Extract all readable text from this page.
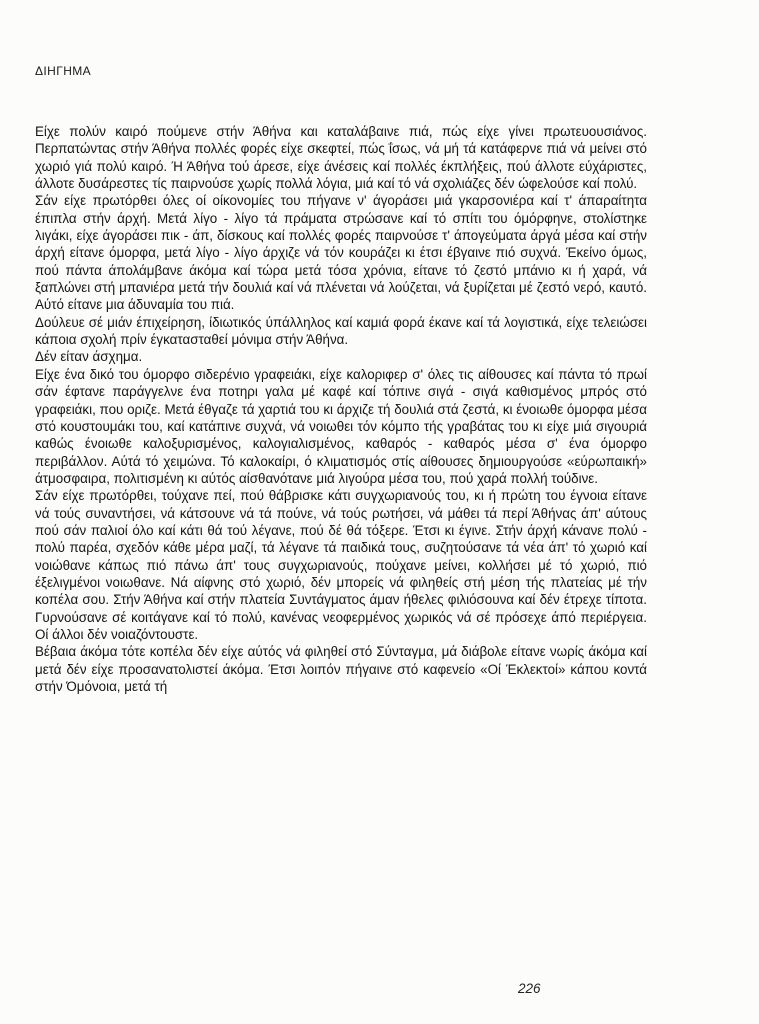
ΔΙΗΓΗΜΑ

Είχε πολύν καιρό πούμενε στήν Άθήνα και καταλάβαινε πιά, πώς είχε γίνει πρωτευουσιάνος. Περπατώντας στήν Άθήνα πολλές φορές είχε σκεφτεί, πώς ΐσως, νά μή τά κατάφερνε πιά νά μείνει στό χωριό γιά πολύ καιρό. Ή Άθήνα τού άρεσε, είχε άνέσεις καί πολλές έκπλήξεις, πού άλλοτε εύχάριστες, άλλοτε δυσάρεστες τίς παιρνούσε χωρίς πολλά λόγια, μιά καί τό νά σχολιάζες δέν ώφελούσε καί πολύ.

Σάν είχε πρωτόρθει όλες οί οίκονομίες του πήγανε ν' άγοράσει μιά γκαρσονιέρα καί τ' άπαραίτητα έπιπλα στήν άρχή. Μετά λίγο - λίγο τά πράματα στρώσανε καί τό σπίτι του όμόρφηνε, στολίστηκε λιγάκι, είχε άγοράσει πικ - άπ, δίσκους καί πολλές φορές παιρνούσε τ' άπογεύματα άργά μέσα καί στήν άρχή είτανε όμορφα, μετά λίγο - λίγο άρχιζε νά τόν κουράζει κι έτσι έβγαινε πιό συχνά. Έκείνο όμως, πού πάντα άπολάμβανε άκόμα καί τώρα μετά τόσα χρόνια, είτανε τό ζεστό μπάνιο κι ή χαρά, νά ξαπλώνει στή μπανιέρα μετά τήν δουλιά καί νά πλένεται νά λούζεται, νά ξυρίζεται μέ ζεστό νερό, καυτό. Αύτό είτανε μια άδυναμία του πιά.

Δούλευε σέ μιάν έπιχείρηση, ίδιωτικός ύπάλληλος καί καμιά φορά έκανε καί τά λογιστικά, είχε τελειώσει κάποια σχολή πρίν έγκατασταθεί μόνιμα στήν Άθήνα.

Δέν είταν άσχημα.

Είχε ένα δικό του όμορφο σιδερένιο γραφειάκι, είχε καλοριφερ σ' όλες τις αίθουσες καί πάντα τό πρωί σάν έφτανε παράγγελνε ένα ποτηρι γαλα μέ καφέ καί τόπινε σιγά - σιγά καθισμένος μπρός στό γραφειάκι, που οριζε. Μετά έθγαζε τά χαρτιά του κι άρχιζε τή δουλιά στά ζεστά, κι ένοιωθε όμορφα μέσα στό κουστουμάκι του, καί κατάπινε συχνά, νά νοιωθει τόν κόμπο τής γραβάτας του κι είχε μιά σιγουριά καθώς ένοιωθε καλοξυρισμένος, καλογιαλισμένος, καθαρός - καθαρός μέσα σ' ένα όμορφο περιβάλλον. Αύτά τό χειμώνα. Τό καλοκαίρι, ό κλιματισμός στίς αίθουσες δημιουργούσε «εύρωπαική» άτμοσφαιρα, πολιτισμένη κι αύτός αίσθανότανε μιά λιγούρα μέσα του, πού χαρά πολλή τούδινε.

Σάν είχε πρωτόρθει, τούχανε πεί, πού θάβρισκε κάτι συγχωριανούς του, κι ή πρώτη του έγνοια είτανε νά τούς συναντήσει, νά κάτσουνε νά τά πούνε, νά τούς ρωτήσει, νά μάθει τά περί Άθήνας άπ' αύτους πού σάν παλιοί όλο καί κάτι θά τού λέγανε, πού δέ θά τόξερε. Έτσι κι έγινε. Στήν άρχή κάνανε πολύ - πολύ παρέα, σχεδόν κάθε μέρα μαζί, τά λέγανε τά παιδικά τους, συζητούσανε τά νέα άπ' τό χωριό καί νοιώθανε κάπως πιό πάνω άπ' τους συγχωριανούς, πούχανε μείνει, κολλήσει μέ τό χωριό, πιό έξελιγμένοι νοιωθανε. Νά αίφνης στό χωριό, δέν μπορείς νά φιληθείς στή μέση τής πλατείας μέ τήν κοπέλα σου. Στήν Άθήνα καί στήν πλατεία Συντάγματος άμαν ήθελες φιλιόσουνα καί δέν έτρεχε τίποτα. Γυρνούσανε σέ κοιτάγανε καί τό πολύ, κανένας νεοφερμένος χωρικός νά σέ πρόσεχε άπό περιέργεια. Οί άλλοι δέν νοιαζόντουστε.

Βέβαια άκόμα τότε κοπέλα δέν είχε αύτός νά φιληθεί στό Σύνταγμα, μά διάβολε είτανε νωρίς άκόμα καί μετά δέν είχε προσανατολιστεί άκόμα. Έτσι λοιπόν πήγαινε στό καφενείο «Οί Έκλεκτοί» κάπου κοντά στήν Όμόνοια, μετά τή

226
